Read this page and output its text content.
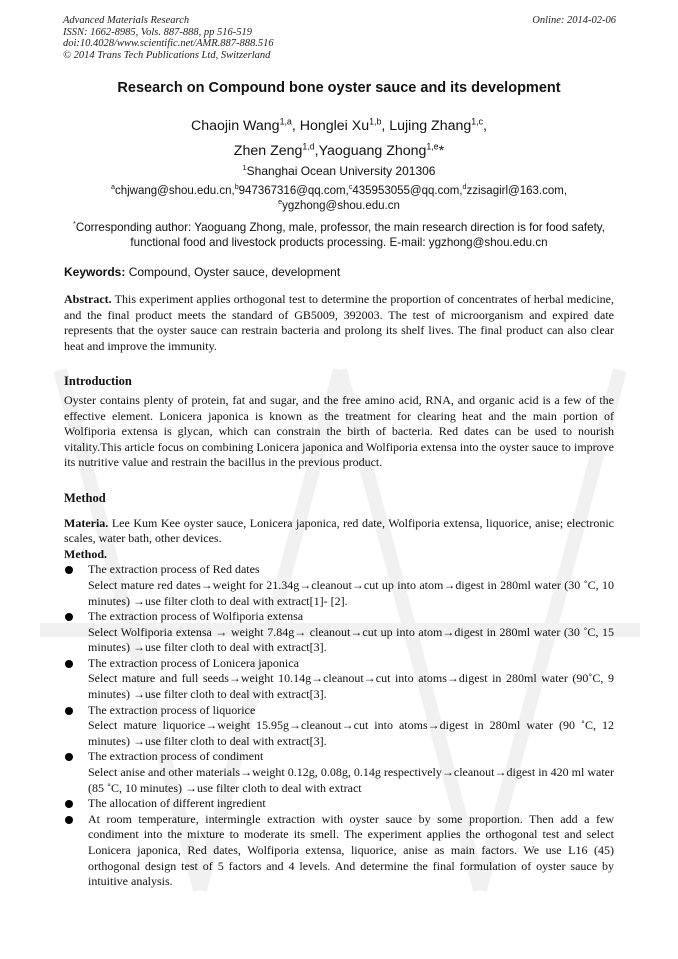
Advanced Materials Research
ISSN: 1662-8985, Vols. 887-888, pp 516-519
doi:10.4028/www.scientific.net/AMR.887-888.516
© 2014 Trans Tech Publications Ltd, Switzerland
Online: 2014-02-06
Research on Compound bone oyster sauce and its development
Chaojin Wang$^{1,a}$, Honglei Xu$^{1,b}$, Lujing Zhang$^{1,c}$,
Zhen Zeng$^{1,d}$,Yaoguang Zhong$^{1,e}$*
$^1$Shanghai Ocean University 201306
$^a$chjwang@shou.edu.cn,$^b$947367316@qq.com,$^c$435953055@qq.com,$^d$zzisagirl@163.com,
$^e$ygzhong@shou.edu.cn
*Corresponding author: Yaoguang Zhong, male, professor, the main research direction is for food safety, functional food and livestock products processing. E-mail: ygzhong@shou.edu.cn
Keywords: Compound, Oyster sauce, development

Abstract. This experiment applies orthogonal test to determine the proportion of concentrates of herbal medicine, and the final product meets the standard of GB5009, 392003. The test of microorganism and expired date represents that the oyster sauce can restrain bacteria and prolong its shelf lives. The final product can also clear heat and improve the immunity.

Introduction

Oyster contains plenty of protein, fat and sugar, and the free amino acid, RNA, and organic acid is a few of the effective element. Lonicera japonica is known as the treatment for clearing heat and the main portion of Wolfiporia extensa is glycan, which can constrain the birth of bacteria. Red dates can be used to nourish vitality.This article focus on combining Lonicera japonica and Wolfiporia extensa into the oyster sauce to improve its nutritive value and restrain the bacillus in the previous product.

Method

Materia. Lee Kum Kee oyster sauce, Lonicera japonica, red date, Wolfiporia extensa, liquorice, anise; electronic scales, water bath, other devices.

Method.

The extraction process of Red dates
Select mature red dates→weight for 21.34g→cleanout→cut up into atom→digest in 280ml water (30 ˚C, 10 minutes) →use filter cloth to deal with extract[1]- [2].
The extraction process of Wolfiporia extensa
Select Wolfiporia extensa → weight 7.84g→ cleanout→cut up into atom→digest in 280ml water (30 ˚C, 15 minutes) →use filter cloth to deal with extract[3].
The extraction process of Lonicera japonica
Select mature and full seeds→weight 10.14g→cleanout→cut into atoms→digest in 280ml water (90˚C, 9 minutes) →use filter cloth to deal with extract[3].
The extraction process of liquorice
Select mature liquorice→weight 15.95g→cleanout→cut into atoms→digest in 280ml water (90 ˚C, 12 minutes) →use filter cloth to deal with extract[3].
The extraction process of condiment
Select anise and other materials→weight 0.12g, 0.08g, 0.14g respectively→cleanout→digest in 420 ml water (85 ˚C, 10 minutes) →use filter cloth to deal with extract
The allocation of different ingredient
At room temperature, intermingle extraction with oyster sauce by some proportion. Then add a few condiment into the mixture to moderate its smell. The experiment applies the orthogonal test and select Lonicera japonica, Red dates, Wolfiporia extensa, liquorice, anise as main factors. We use L16 (45) orthogonal design test of 5 factors and 4 levels. And determine the final formulation of oyster sauce by intuitive analysis.
